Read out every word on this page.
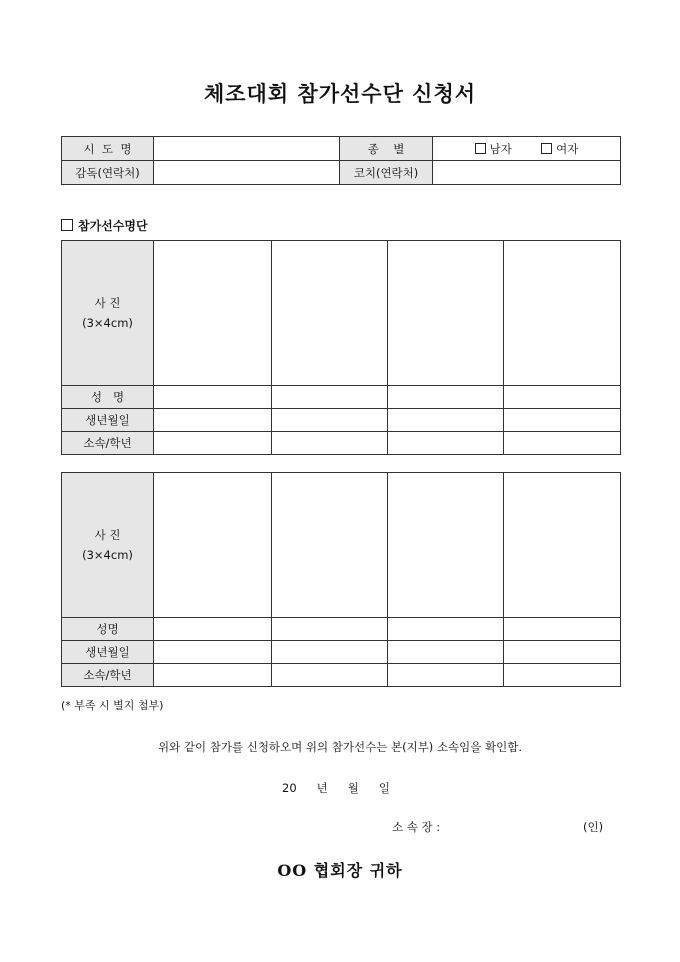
체조대회 참가선수단 신청서
시  도  명		종    별	남자 여자
감독(연락처)		코치(연락처)	
참가선수명단
사 진
(3×4cm)				

성   명				
생년월일				
소속/학년				
사 진
(3×4cm)				

성명				
생년월일				
소속/학년				
(* 부족 시 별지 첨부)
위와 같이 참가를 신청하오며 위의 참가선수는 본(지부) 소속임을 확인함.
20 년 월 일
소 속 장 :	(인)
OO 협회장 귀하
